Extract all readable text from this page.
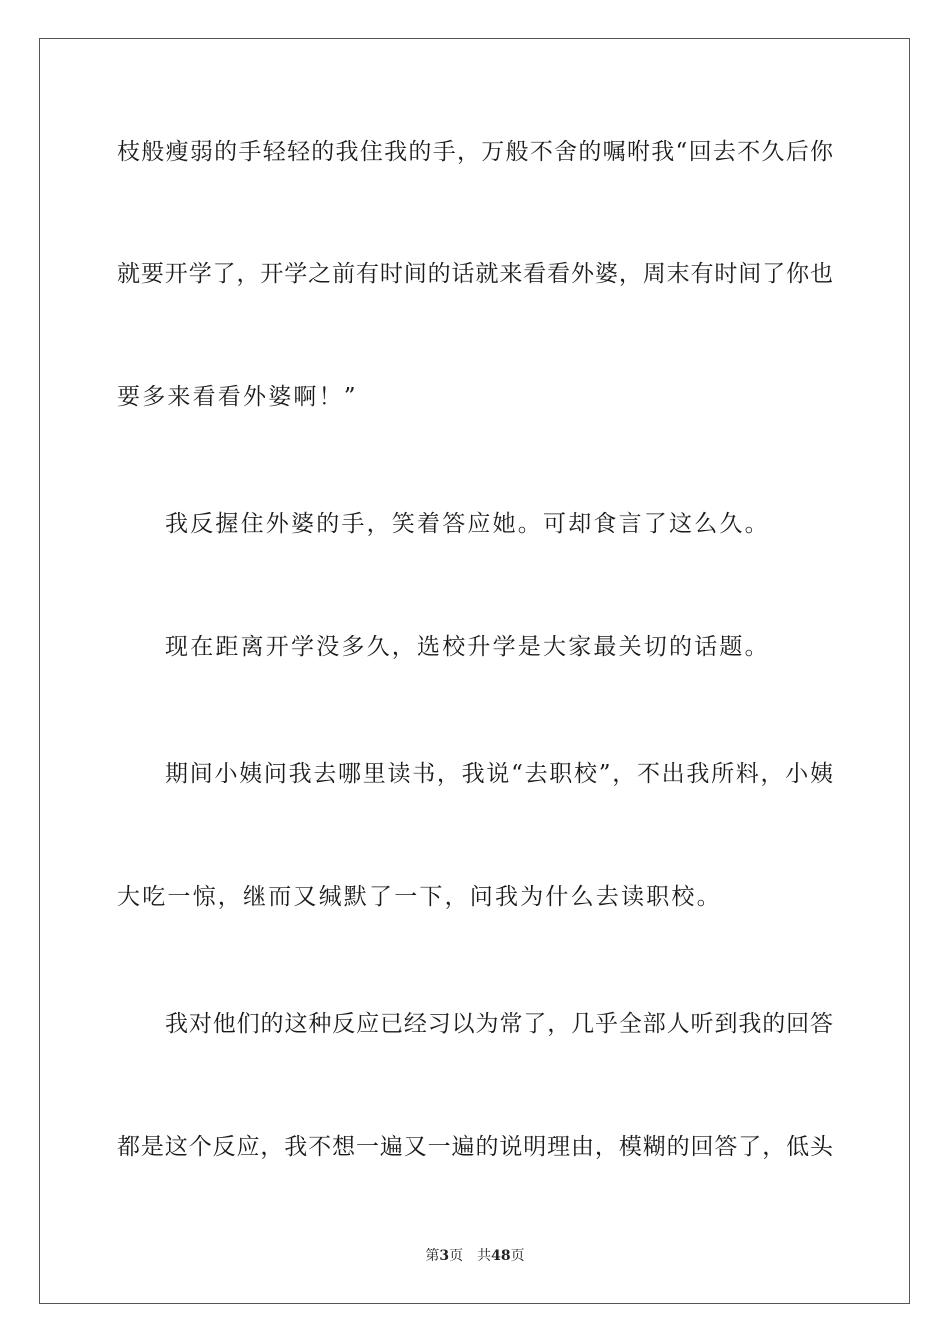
枝般瘦弱的手轻轻的我住我的手，万般不舍的嘱咐我“回去不久后你
就要开学了，开学之前有时间的话就来看看外婆，周末有时间了你也
要多来看看外婆啊！”
我反握住外婆的手，笑着答应她。可却食言了这么久。
现在距离开学没多久，选校升学是大家最关切的话题。
期间小姨问我去哪里读书，我说“去职校”，不出我所料，小姨
大吃一惊，继而又缄默了一下，问我为什么去读职校。
我对他们的这种反应已经习以为常了，几乎全部人听到我的回答
都是这个反应，我不想一遍又一遍的说明理由，模糊的回答了，低头
第3页 共48页
